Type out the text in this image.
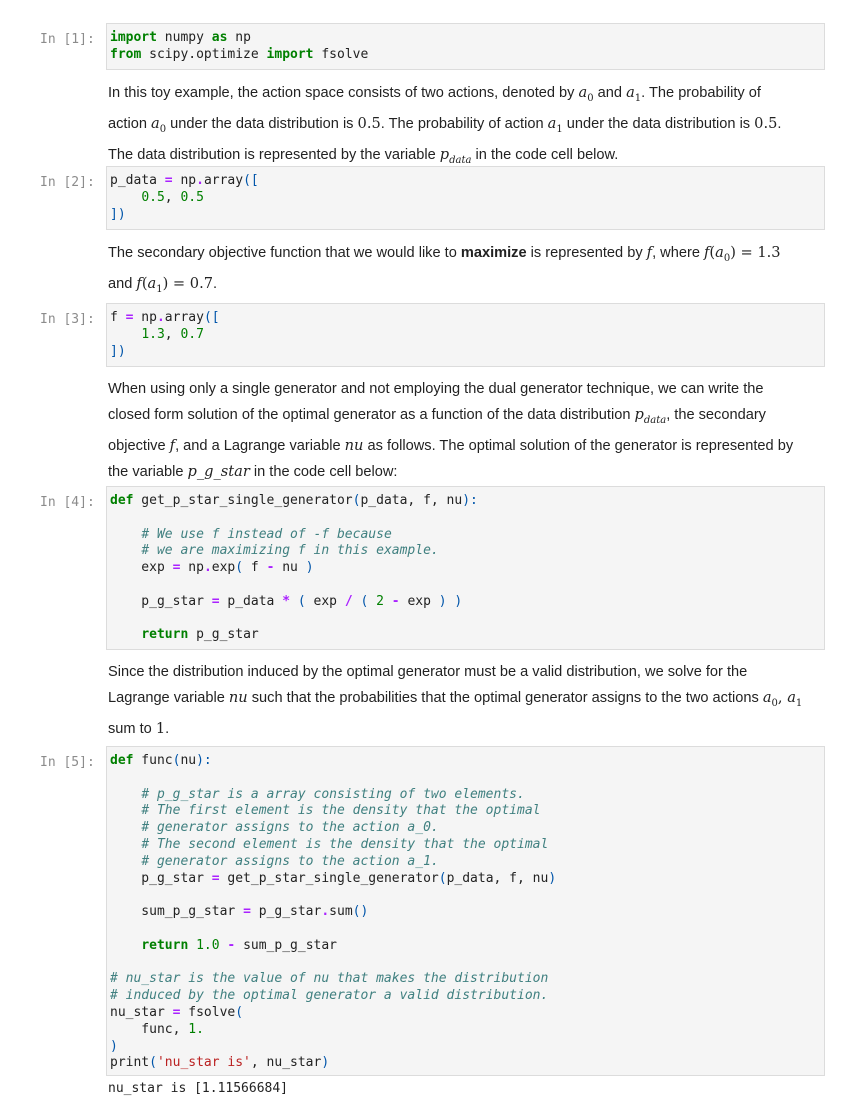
In [1]:	import numpy as np
from scipy.optimize import fsolve
In this toy example, the action space consists of two actions, denoted by $a_0$ and $a_1$. The probability of
action $a_0$ under the data distribution is 0.5. The probability of action $a_1$ under the data distribution is 0.5.
The data distribution is represented by the variable $p_{data}$ in the code cell below.
In [2]:	p_data = np.array([
0.5, 0.5
])
The secondary objective function that we would like to maximize is represented by f, where $f(a_0) = 1.3$
and $f(a_1) = 0.7$.
In [3]:	f = np.array([
1.3, 0.7
])
When using only a single generator and not employing the dual generator technique, we can write the
closed form solution of the optimal generator as a function of the data distribution $p_{data}$, the secondary
objective f, and a Lagrange variable nu as follows. The optimal solution of the generator is represented by
the variable p_g_star in the code cell below:
In [4]:	def get_p_star_single_generator(p_data, f, nu):

# We use f instead of -f because
# we are maximizing f in this example.
exp = np.exp( f - nu )

p_g_star = p_data * ( exp / ( 2 - exp ) )

return p_g_star
Since the distribution induced by the optimal generator must be a valid distribution, we solve for the
Lagrange variable nu such that the probabilities that the optimal generator assigns to the two actions $a_0$, $a_1$
sum to 1.
In [5]:	def func(nu):

# p_g_star is a array consisting of two elements.
# The first element is the density that the optimal
# generator assigns to the action a_0.
# The second element is the density that the optimal
# generator assigns to the action a_1.
p_g_star = get_p_star_single_generator(p_data, f, nu)

sum_p_g_star = p_g_star.sum()

return 1.0 - sum_p_g_star

# nu_star is the value of nu that makes the distribution
# induced by the optimal generator a valid distribution.
nu_star = fsolve(
func, 1.
)
print('nu_star is', nu_star)
nu_star is [1.11566684]
